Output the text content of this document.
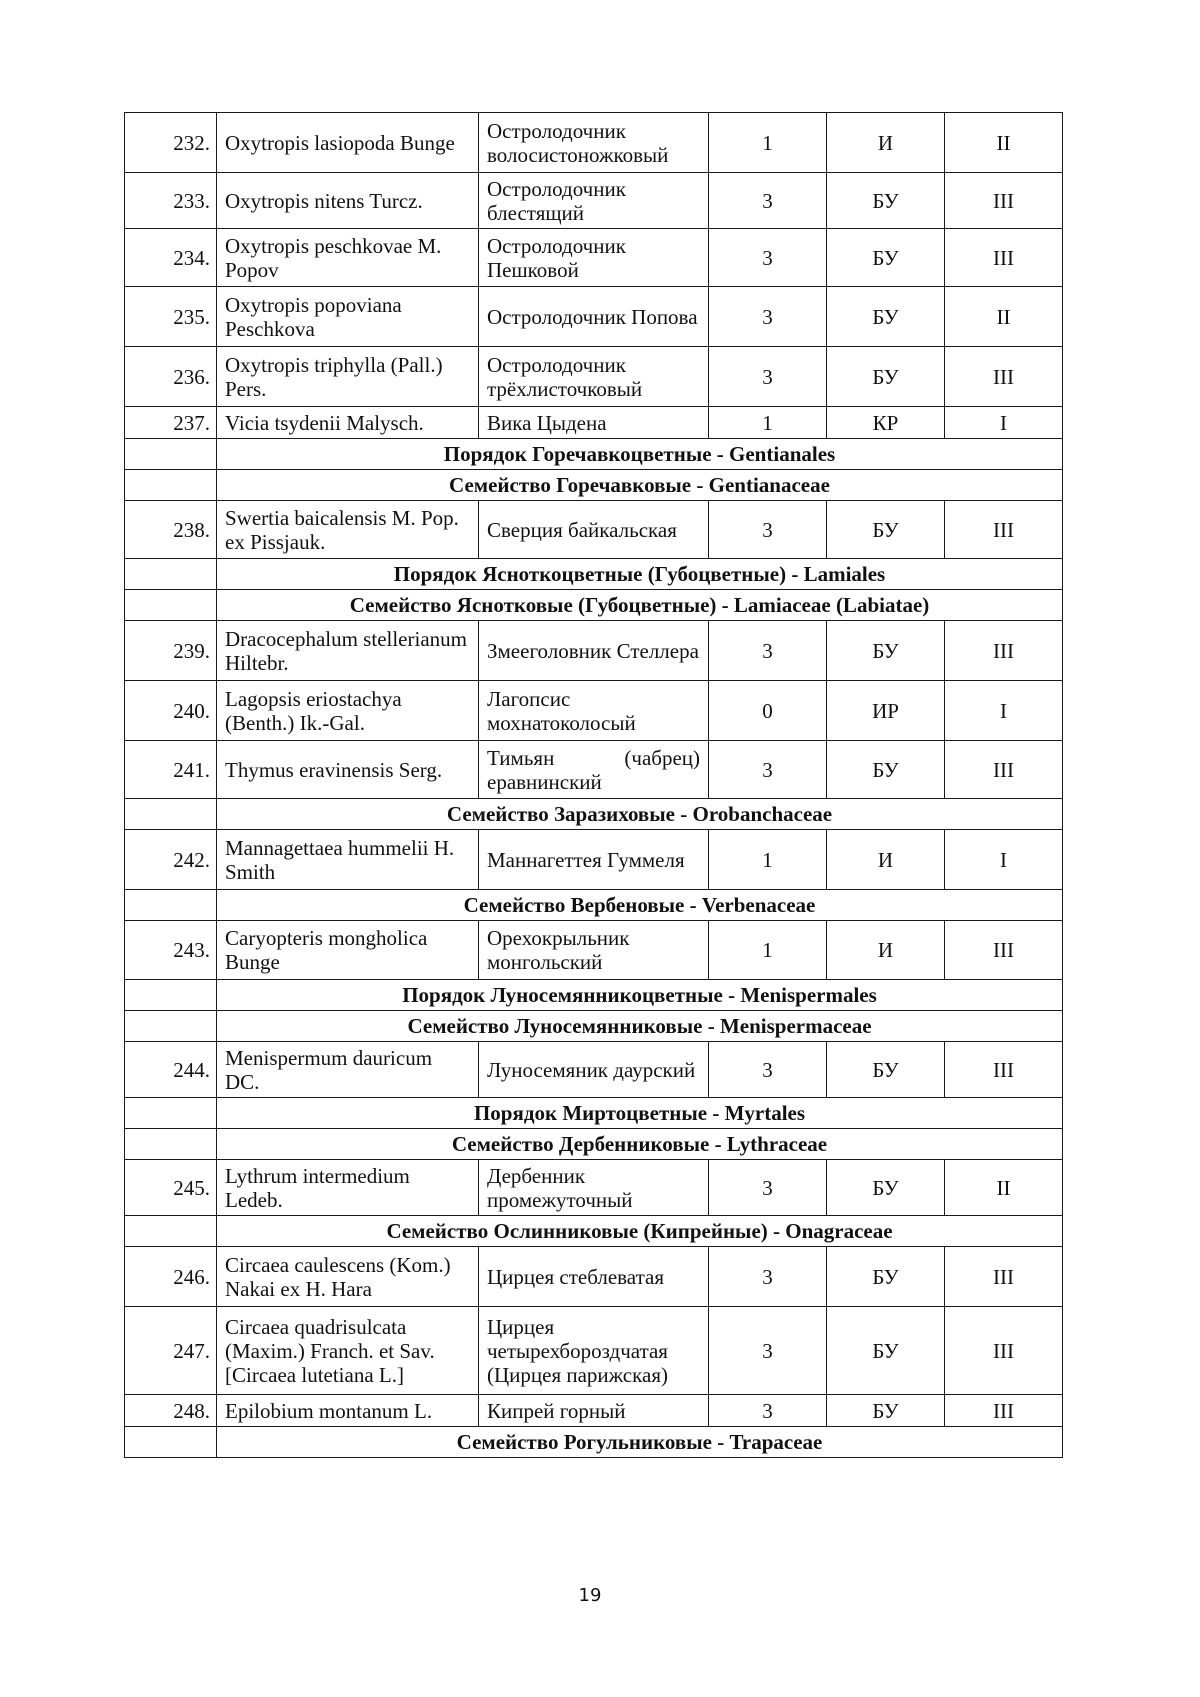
232.	Oxytropis lasiopoda Bunge	Остролодочник волосистоножковый	1	И	II
233.	Oxytropis nitens Turcz.	Остролодочник блестящий	3	БУ	III
234.	Oxytropis peschkovae M. Popov	Остролодочник Пешковой	3	БУ	III
235.	Oxytropis popoviana Peschkova	Остролодочник Попова	3	БУ	II
236.	Oxytropis triphylla (Pall.) Pers.	Остролодочник трёхлисточковый	3	БУ	III
237.	Vicia tsydenii Malysch.	Вика Цыдена	1	КР	I
	Порядок Горечавкоцветные - Gentianales				
	Семейство Горечавковые - Gentianaceae				
238.	Swertia baicalensis M. Pop. ex Pissjauk.	Сверция байкальская	3	БУ	III
	Порядок Ясноткоцветные (Губоцветные) - Lamiales				
	Семейство Яснотковые (Губоцветные) - Lamiaceae (Labiatae)				
239.	Dracocephalum stellerianum Hiltebr.	Змееголовник Стеллера	3	БУ	III
240.	Lagopsis eriostachya (Benth.) Ik.-Gal.	Лагопсис мохнатоколосый	0	ИР	I
241.	Thymus eravinensis Serg.	Тимьян (чабрец) еравнинский	3	БУ	III
	Семейство Заразиховые - Orobanchaceae				
242.	Mannagettaea hummelii H. Smith	Маннагеттея Гуммеля	1	И	I
	Семейство Вербеновые - Verbenaceae				
243.	Caryopteris mongholica Bunge	Орехокрыльник монгольский	1	И	III
	Порядок Луносемянникоцветные - Menispermales				
	Семейство Луносемянниковые - Menispermaceae				
244.	Menispermum dauricum DC.	Луносемяник даурский	3	БУ	III
	Порядок Миртоцветные - Myrtales				
	Семейство Дербенниковые - Lythraceae				
245.	Lythrum intermedium Ledeb.	Дербенник промежуточный	3	БУ	II
	Семейство Ослинниковые (Кипрейные) - Onagraceae				
246.	Circaea caulescens (Kom.) Nakai ex H. Hara	Цирцея стеблеватая	3	БУ	III
247.	Circaea quadrisulcata (Maxim.) Franch. et Sav. [Circaea lutetiana L.]	Цирцея четырехбороздчатая (Цирцея парижская)	3	БУ	III
248.	Epilobium montanum L.	Кипрей горный	3	БУ	III
	Семейство Рогульниковые - Trapaceae				
19
